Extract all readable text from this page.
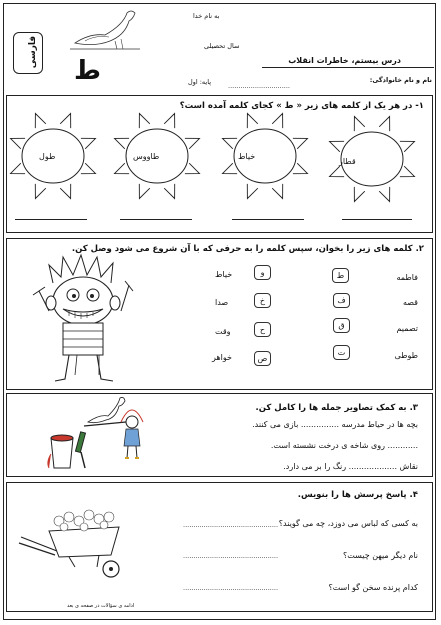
به نام خدا
سال تحصیلی
درس بیستم، خاطرات انقلاب
نام و نام خانوادگی:
..............................
پایه: اول
ط
فارسی
۱- در هر یک از کلمه های زیر « ط » کجای کلمه آمده است؟
قطار
خیاط
طاووس
طول
۲. کلمه های زیر را بخوان، سپس کلمه را به حرفی که با آن شروع می شود وصل کن.
فاطمه
قصه
تصمیم
طوطی
ط
ف
ق
ت
و
خ
ح
ص
خیاط
صدا
وقت
خواهر
۳. به کمک تصاویر جمله ها را کامل کن.
بچه ها در حیاط مدرسه ............... بازی می کنند.
............ روی شاخه ی درخت نشسته است.
نقاش ................... رنگ را بر می دارد.
۴. پاسخ پرسش ها را بنویس.
به کسی که لباس می دوزد، چه می گویند؟
..............................................
نام دیگر میهن چیست؟
..............................................
کدام پرنده سخن گو است؟
..............................................
ادامه ی سؤالات در صفحه ی بعد
